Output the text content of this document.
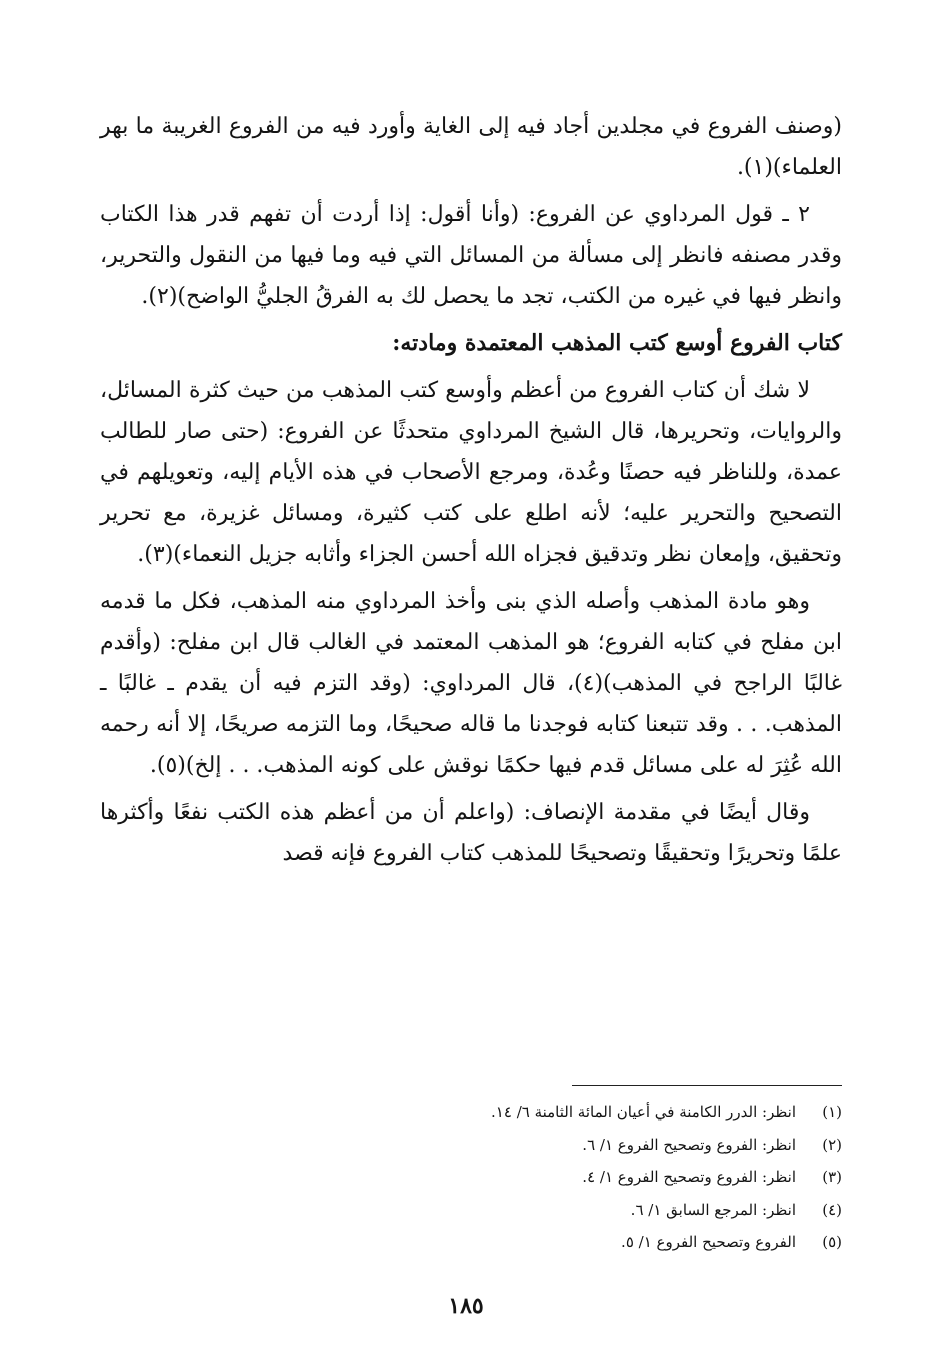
(وصنف الفروع في مجلدين أجاد فيه إلى الغاية وأورد فيه من الفروع الغريبة ما بهر العلماء)(١).

٢ ـ قول المرداوي عن الفروع: (وأنا أقول: إذا أردت أن تفهم قدر هذا الكتاب وقدر مصنفه فانظر إلى مسألة من المسائل التي فيه وما فيها من النقول والتحرير، وانظر فيها في غيره من الكتب، تجد ما يحصل لك به الفرقُ الجليُّ الواضح)(٢).

كتاب الفروع أوسع كتب المذهب المعتمدة ومادته:

لا شك أن كتاب الفروع من أعظم وأوسع كتب المذهب من حيث كثرة المسائل، والروايات، وتحريرها، قال الشيخ المرداوي متحدثًا عن الفروع: (حتى صار للطالب عمدة، وللناظر فيه حصنًا وعُدة، ومرجع الأصحاب في هذه الأيام إليه، وتعويلهم في التصحيح والتحرير عليه؛ لأنه اطلع على كتب كثيرة، ومسائل غزيرة، مع تحرير وتحقيق، وإمعان نظر وتدقيق فجزاه الله أحسن الجزاء وأثابه جزيل النعماء)(٣).

وهو مادة المذهب وأصله الذي بنى وأخذ المرداوي منه المذهب، فكل ما قدمه ابن مفلح في كتابه الفروع؛ هو المذهب المعتمد في الغالب قال ابن مفلح: (وأقدم غالبًا الراجح في المذهب)(٤)، قال المرداوي: (وقد التزم فيه أن يقدم ـ غالبًا ـ المذهب. . . وقد تتبعنا كتابه فوجدنا ما قاله صحيحًا، وما التزمه صريحًا، إلا أنه رحمه الله عُثِرَ له على مسائل قدم فيها حكمًا نوقش على كونه المذهب. . . إلخ)(٥).

وقال أيضًا في مقدمة الإنصاف: (واعلم أن من أعظم هذه الكتب نفعًا وأكثرها علمًا وتحريرًا وتحقيقًا وتصحيحًا للمذهب كتاب الفروع فإنه قصد

(١)
انظر: الدرر الكامنة في أعيان المائة الثامنة ٦/ ١٤.
(٢)
انظر: الفروع وتصحيح الفروع ١/ ٦.
(٣)
انظر: الفروع وتصحيح الفروع ١/ ٤.
(٤)
انظر: المرجع السابق ١/ ٦.
(٥)
الفروع وتصحيح الفروع ١/ ٥.
١٨٥
